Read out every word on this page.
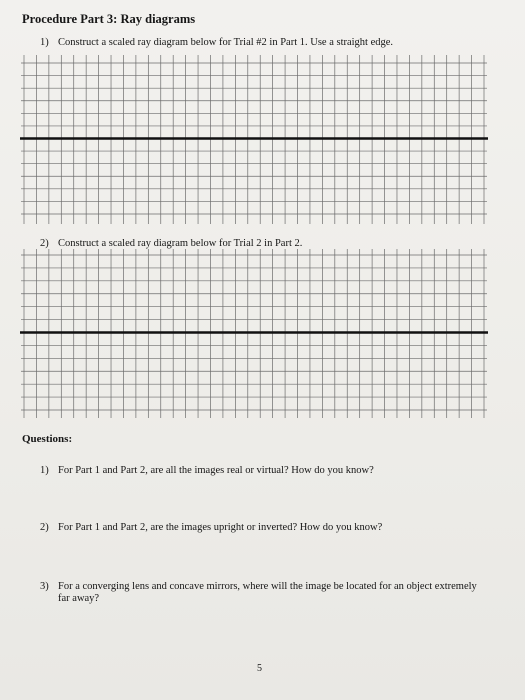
Procedure Part 3: Ray diagrams
1) Construct a scaled ray diagram below for Trial #2 in Part 1. Use a straight edge.
2) Construct a scaled ray diagram below for Trial 2 in Part 2.
Questions:
1) For Part 1 and Part 2, are all the images real or virtual? How do you know?
2) For Part 1 and Part 2, are the images upright or inverted? How do you know?
3) For a converging lens and concave mirrors, where will the image be located for an object extremely far away?
5
